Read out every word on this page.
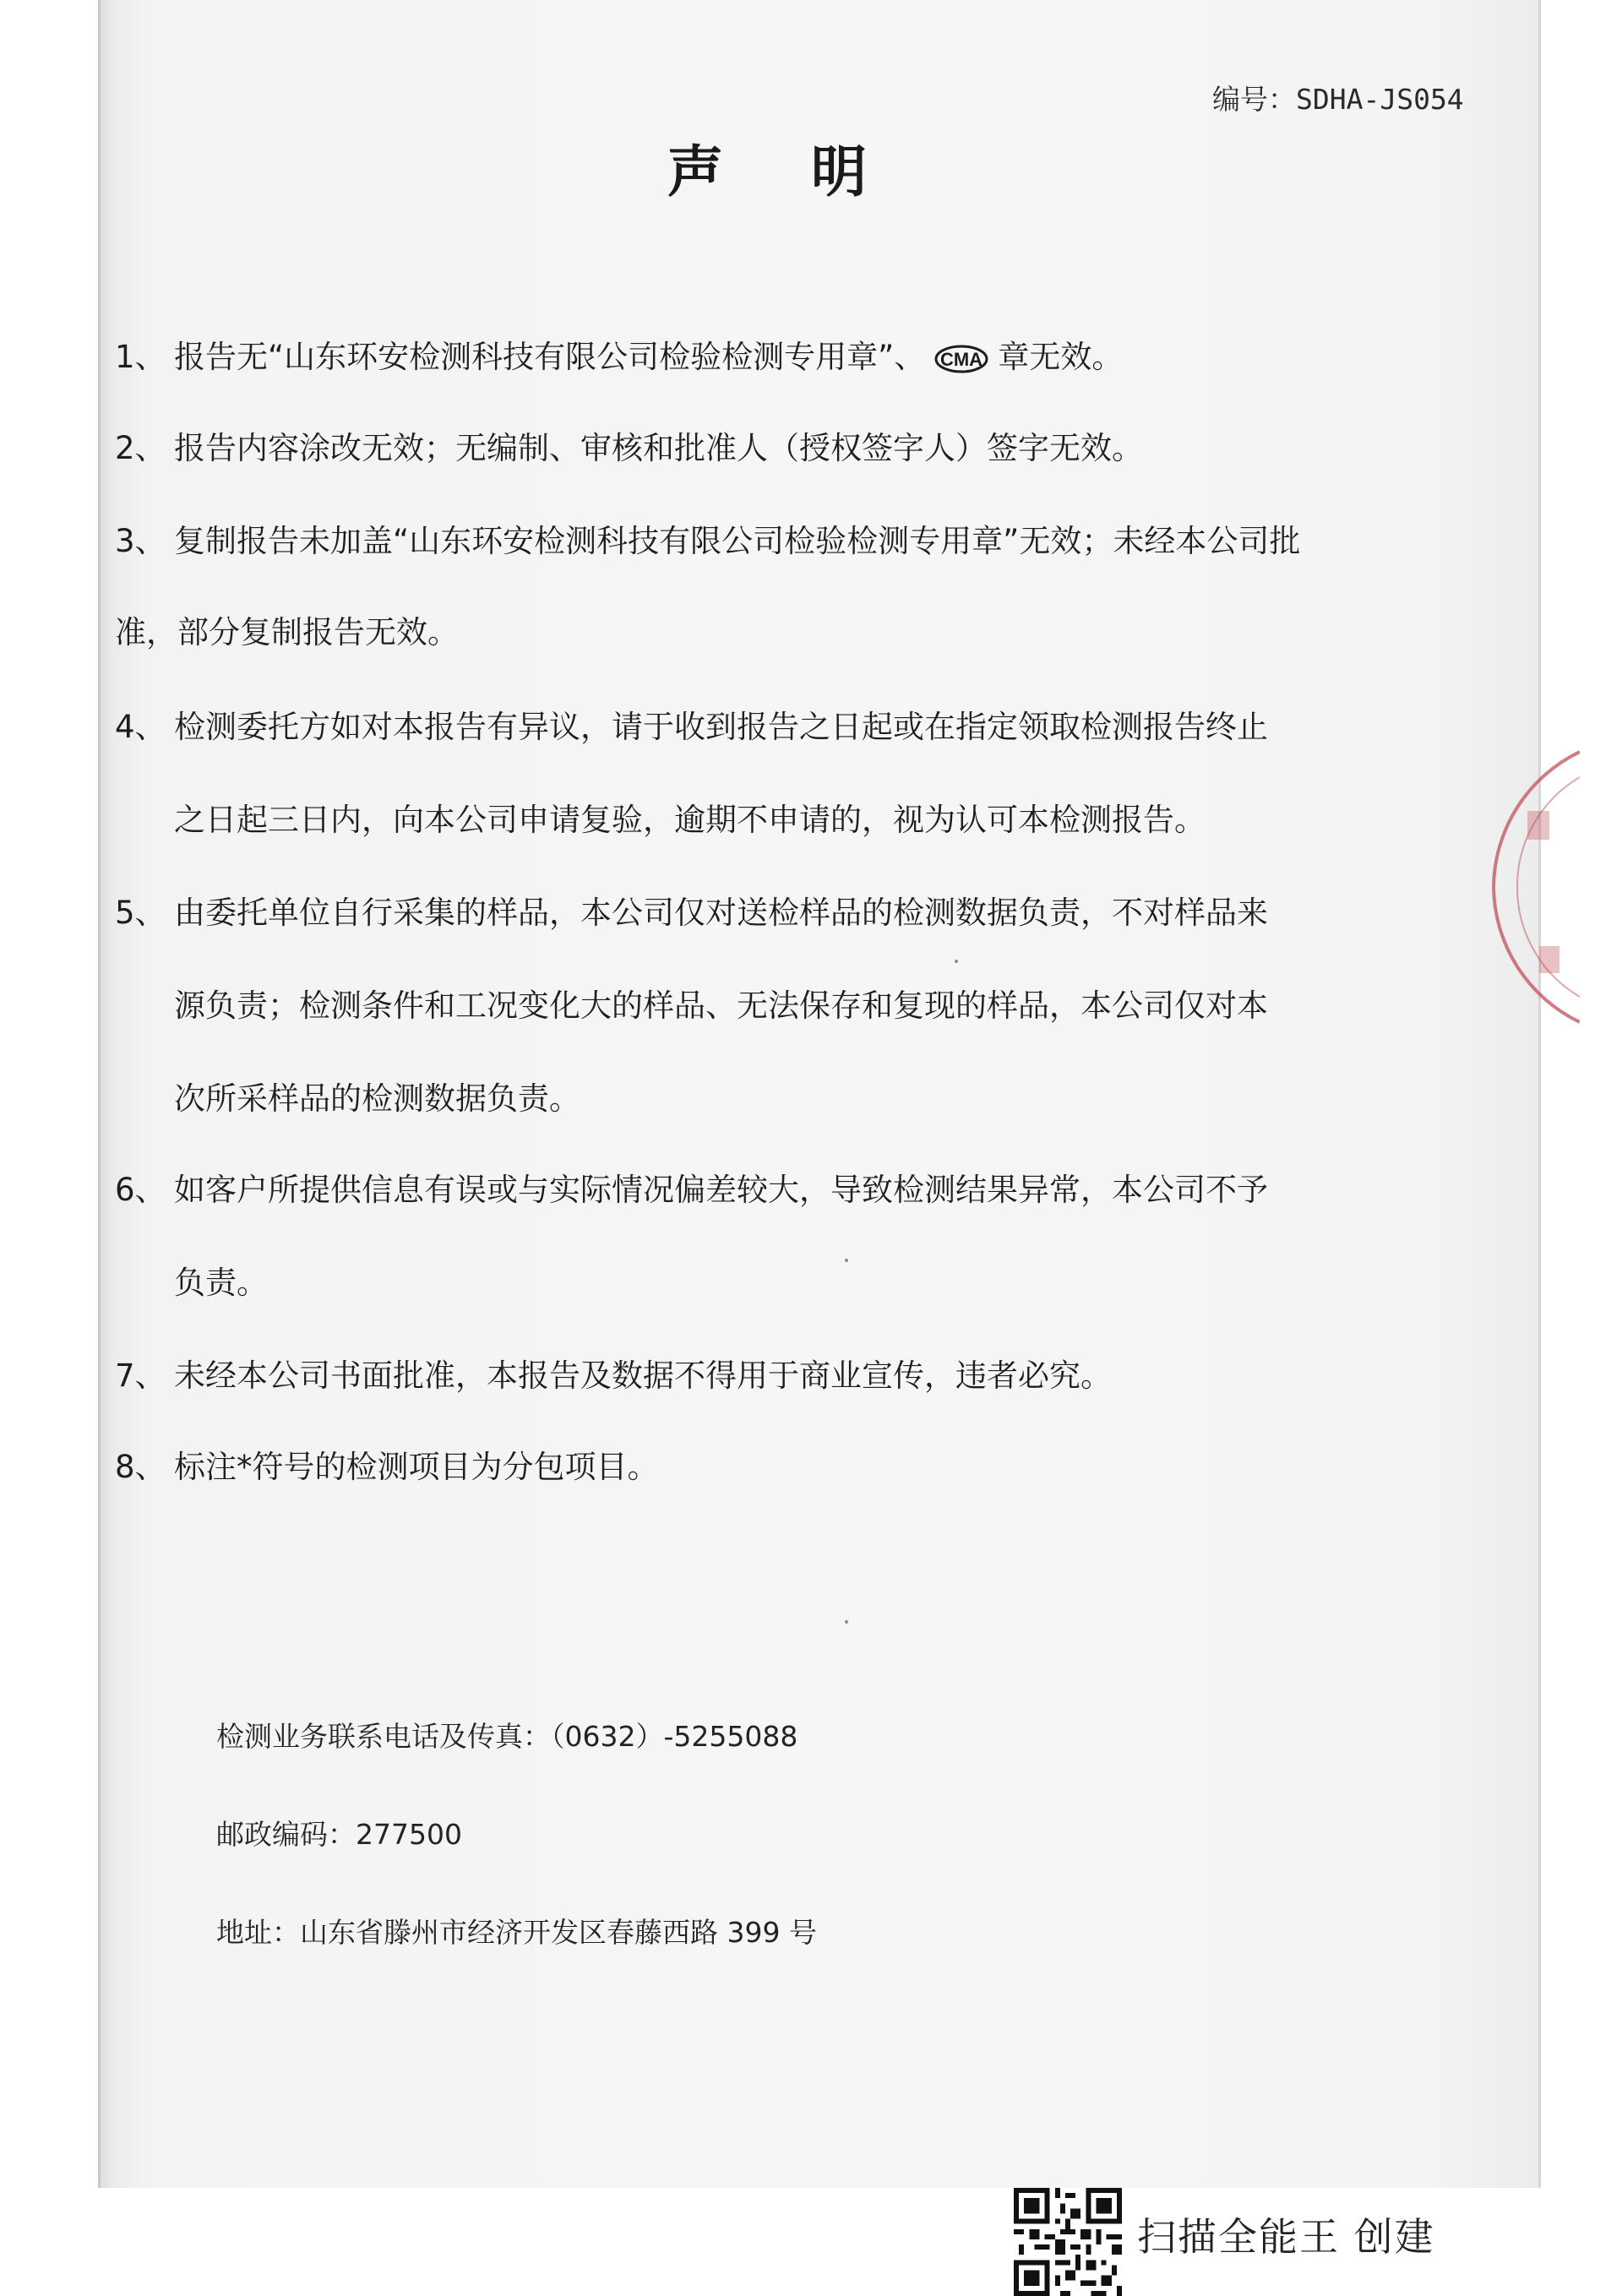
编号：SDHA-JS054
声明
1、 报告无“山东环安检测科技有限公司检验检测专用章”、 CMA 章无效。
2、 报告内容涂改无效；无编制、审核和批准人（授权签字人）签字无效。
3、 复制报告未加盖“山东环安检测科技有限公司检验检测专用章”无效；未经本公司批
准，部分复制报告无效。
4、 检测委托方如对本报告有异议，请于收到报告之日起或在指定领取检测报告终止
之日起三日内，向本公司申请复验，逾期不申请的，视为认可本检测报告。
5、 由委托单位自行采集的样品，本公司仅对送检样品的检测数据负责，不对样品来
源负责；检测条件和工况变化大的样品、无法保存和复现的样品，本公司仅对本
次所采样品的检测数据负责。
6、 如客户所提供信息有误或与实际情况偏差较大，导致检测结果异常，本公司不予
负责。
7、 未经本公司书面批准，本报告及数据不得用于商业宣传，违者必究。
8、 标注*符号的检测项目为分包项目。
检测业务联系电话及传真：（0632）-5255088
邮政编码：277500
地址：山东省滕州市经济开发区春藤西路 399 号
扫描全能王 创建
